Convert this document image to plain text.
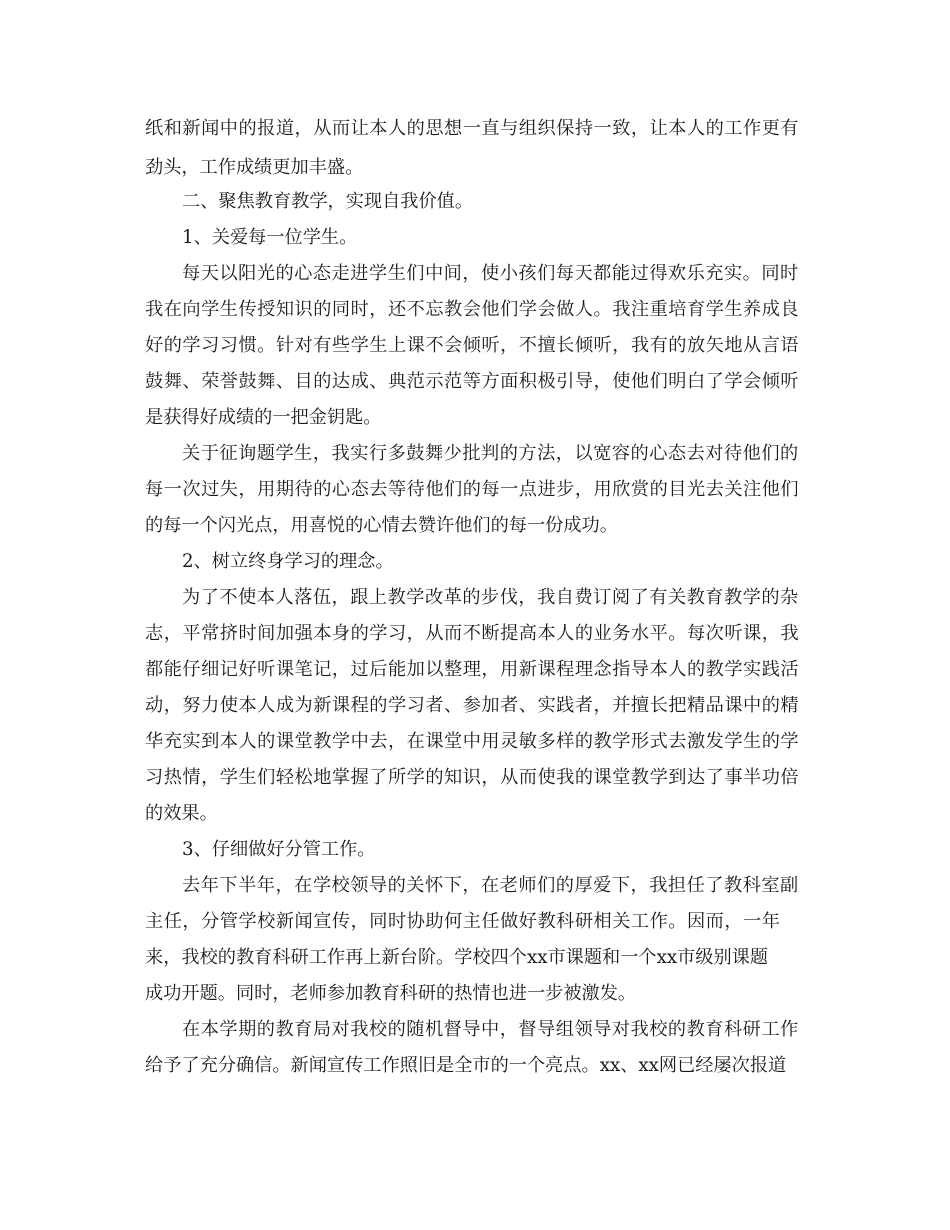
纸和新闻中的报道，从而让本人的思想一直与组织保持一致，让本人的工作更有
劲头，工作成绩更加丰盛。
二、聚焦教育教学，实现自我价值。
1、关爱每一位学生。
每天以阳光的心态走进学生们中间，使小孩们每天都能过得欢乐充实。同时
我在向学生传授知识的同时，还不忘教会他们学会做人。我注重培育学生养成良
好的学习习惯。针对有些学生上课不会倾听，不擅长倾听，我有的放矢地从言语
鼓舞、荣誉鼓舞、目的达成、典范示范等方面积极引导，使他们明白了学会倾听
是获得好成绩的一把金钥匙。
关于征询题学生，我实行多鼓舞少批判的方法，以宽容的心态去对待他们的
每一次过失，用期待的心态去等待他们的每一点进步，用欣赏的目光去关注他们
的每一个闪光点，用喜悦的心情去赞许他们的每一份成功。
2、树立终身学习的理念。
为了不使本人落伍，跟上教学改革的步伐，我自费订阅了有关教育教学的杂
志，平常挤时间加强本身的学习，从而不断提高本人的业务水平。每次听课，我
都能仔细记好听课笔记，过后能加以整理，用新课程理念指导本人的教学实践活
动，努力使本人成为新课程的学习者、参加者、实践者，并擅长把精品课中的精
华充实到本人的课堂教学中去，在课堂中用灵敏多样的教学形式去激发学生的学
习热情，学生们轻松地掌握了所学的知识，从而使我的课堂教学到达了事半功倍
的效果。
3、仔细做好分管工作。
去年下半年，在学校领导的关怀下，在老师们的厚爱下，我担任了教科室副
主任，分管学校新闻宣传，同时协助何主任做好教科研相关工作。因而，一年
来，我校的教育科研工作再上新台阶。学校四个xx市课题和一个xx市级别课题
成功开题。同时，老师参加教育科研的热情也进一步被激发。
在本学期的教育局对我校的随机督导中，督导组领导对我校的教育科研工作
给予了充分确信。新闻宣传工作照旧是全市的一个亮点。xx、xx网已经屡次报道
